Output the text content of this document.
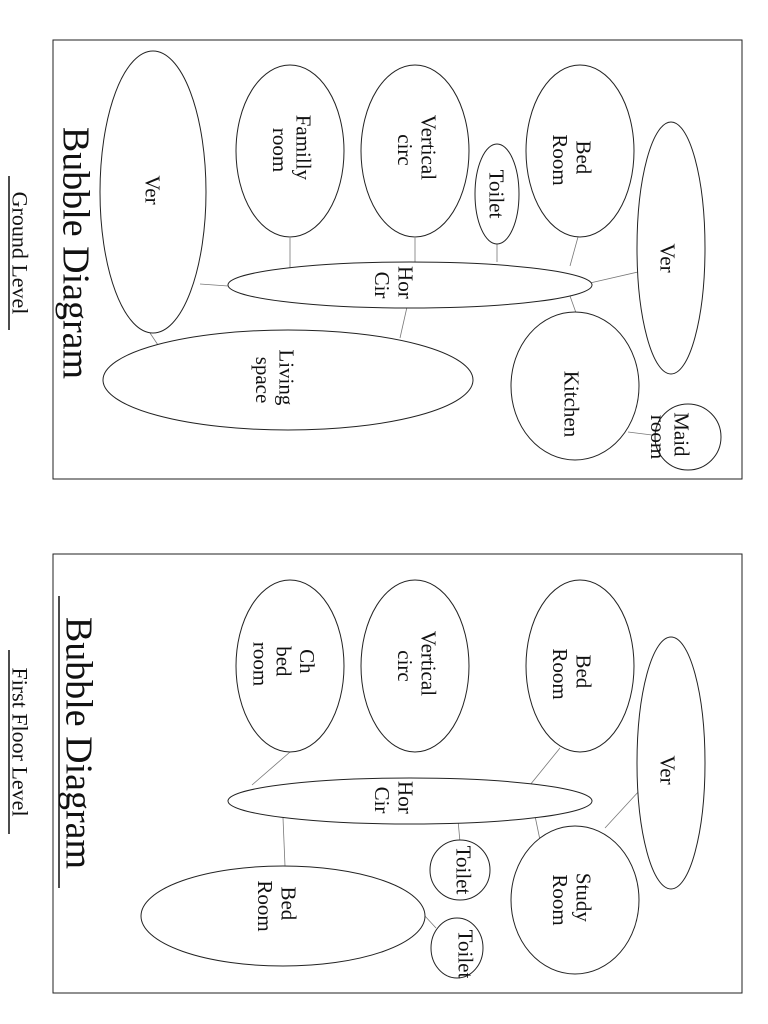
Ver
Familly room	Vertical circ
Toilet
Bed Room
Ver
Hor Cir
Living space	Kitchen	Maid room
Bubble Diagram
Ground Level
Ch bed room	Vertical circ	Bed Room
Ver
Hor Cir
Toilet
Study Room
Bed Room
Toilet
Bubble Diagram
First Floor Level
